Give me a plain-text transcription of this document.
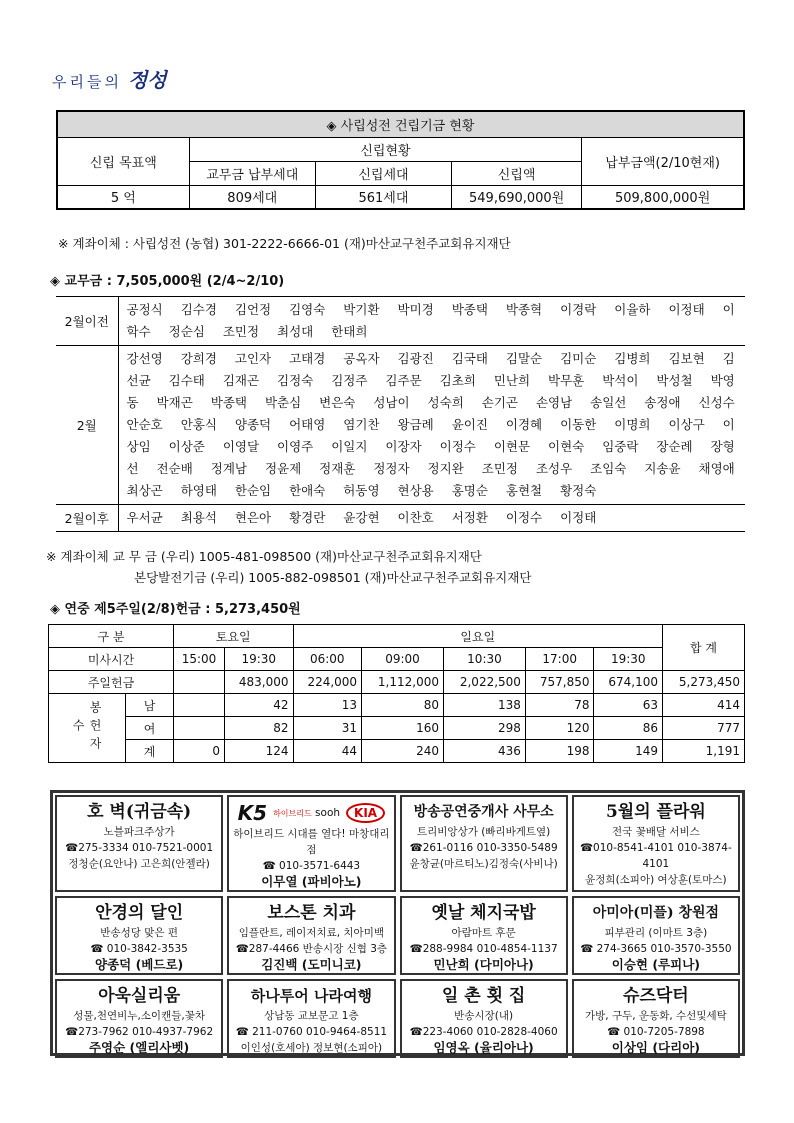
우리들의 정성
◈ 사립성전 건립기금 현황				
신립 목표액	신립현황			납부금액(2/10현재)
	교무금 납부세대	신립세대	신립액	
5 억	809세대	561세대	549,690,000원	509,800,000원
※ 계좌이체 : 사립성전 (농협) 301-2222-6666-01 (재)마산교구천주교회유지재단
◈ 교무금 : 7,505,000원 (2/4~2/10)
2월이전	공정식 김수경 김언정 김영숙 박기환 박미경 박종택 박종혁 이경락 이율하 이정태 이학수 정순심 조민정 최성대 한태희
2월	강선영 강희경 고인자 고태경 공옥자 김광진 김국태 김말순 김미순 김병희 김보현 김선균 김수태 김재곤 김정숙 김정주 김주문 김초희 민난희 박무훈 박석이 박성철 박영동 박재곤 박종택 박춘심 변은숙 성남이 성숙희 손기곤 손영남 송일선 송정애 신성수 안순호 안홍식 양종덕 어태영 염기찬 왕금례 윤이진 이경혜 이동한 이명희 이상구 이상임 이상준 이영달 이영주 이일지 이장자 이정수 이현문 이현숙 임중락 장순례 장형선 전순배 정계남 정윤제 정재훈 정정자 정지완 조민정 조성우 조임숙 지송윤 채영애 최상곤 하영태 한순임 한애숙 허동영 현상용 홍명순 홍현철 황정숙
2월이후	우서균 최용석 현은아 황경란 윤강현 이찬호 서정환 이정수 이정태
※ 계좌이체 교 무 금 (우리) 1005-481-098500 (재)마산교구천주교회유지재단
본당발전기금 (우리) 1005-882-098501 (재)마산교구천주교회유지재단
◈ 연중 제5주일(2/8)헌금 : 5,273,450원
구 분		토요일		일요일					합 계
미사시간		15:00	19:30	06:00	09:00	10:30	17:00	19:30	
주일헌금			483,000	224,000	1,112,000	2,022,500	757,850	674,100	5,273,450
봉헌자수	남		42	13	80	138	78	63	414
	여		82	31	160	298	120	86	777
	계	0	124	44	240	436	198	149	1,191
호 벽(귀금속)
노블파크주상가
☎275-3334 010-7521-0001
정청순(요안나) 고은희(안젤라)
K5 하이브리드 sooh	KIA
하이브리드 시대를 열다! 마창대리점
☎ 010-3571-6443
이무열 (파비아노)
방송공연중개사 사무소
트리비앙상가 (빠리바게트옆)
☎261-0116 010-3350-5489
윤창균(마르티노)김정숙(사비나)
5월의 플라워
전국 꽃배달 서비스
☎010-8541-4101 010-3874-4101
윤정희(소피아) 여상훈(토마스)
안경의 달인
반송성당 맞은 편
☎ 010-3842-3535
양종덕 (베드로)
보스톤 치과
임플란트, 레이저치료, 치아미백
☎287-4466 반송시장 신협 3층
김진백 (도미니코)
옛날 체지국밥
아람마트 후문
☎288-9984 010-4854-1137
민난희 (다미아나)
아미아(미플) 창원점
피부관리 (이마트 3층)
☎ 274-3665 010-3570-3550
이승현 (루피나)
아욱실리움
성물,천연비누,소이캔들,꽃차
☎273-7962 010-4937-7962
주영순 (엘리사벳)
하나투어 나라여행
상남동 교보문고 1층
☎ 211-0760 010-9464-8511
이인성(호세아) 정보현(소피아)
일 촌 횟 집
반송시장(내)
☎223-4060 010-2828-4060
임영옥 (율리아나)
슈즈닥터
가방, 구두, 운동화, 수선및세탁
☎ 010-7205-7898
이상임 (다리아)
